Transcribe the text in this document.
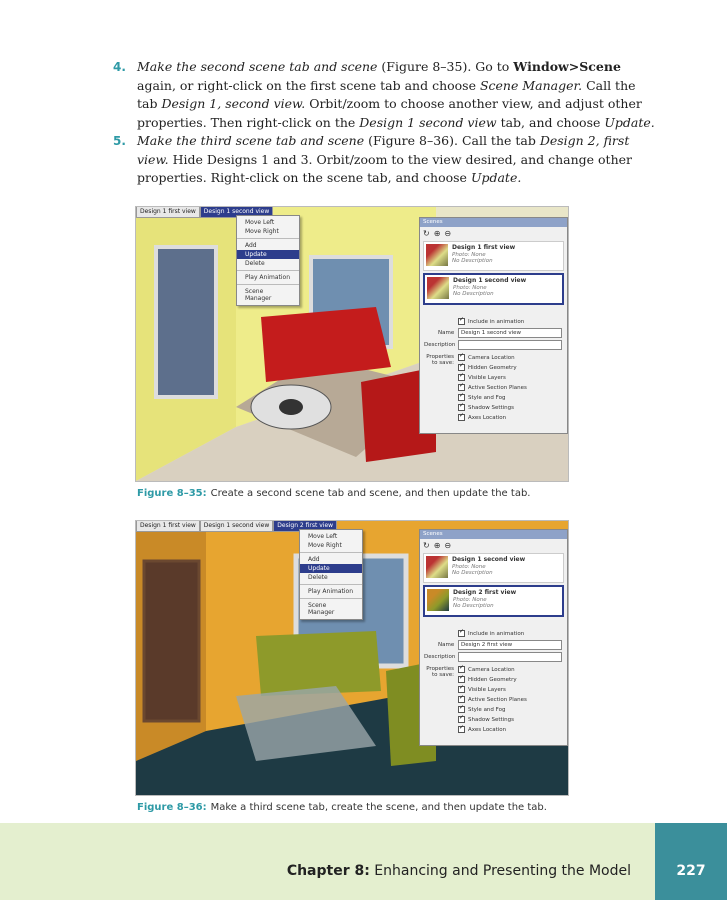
4. Make the second scene tab and scene (Figure 8–35). Go to Window>Scene again, or right-click on the first scene tab and choose Scene Manager. Call the tab Design 1, second view. Orbit/zoom to choose another view, and adjust other properties. Then right-click on the Design 1 second view tab, and choose Update.
5. Make the third scene tab and scene (Figure 8–36). Call the tab Design 2, first view. Hide Designs 1 and 3. Orbit/zoom to the view desired, and change other properties. Right-click on the scene tab, and choose Update.
Design 1 first view	Design 1 second view
Move Left
Move Right
Add
Update
Delete
Play Animation
Scene Manager
Scenes
↻ ⊕ ⊖
Design 1 first view
Photo: None
No Description
Design 1 second view
Photo: None
No Description
✓Include in animation
Name	Design 1 second view
Description
Properties to save:
✓Camera Location
✓Hidden Geometry
✓Visible Layers
✓Active Section Planes
✓Style and Fog
✓Shadow Settings
✓Axes Location
Figure 8–35: Create a second scene tab and scene, and then update the tab.
Design 1 first view	Design 1 second view	Design 2 first view
Move Left
Move Right
Add
Update
Delete
Play Animation
Scene Manager
Scenes
↻ ⊕ ⊖
Design 1 second view
Photo: None
No Description
Design 2 first view
Photo: None
No Description
✓Include in animation
Name	Design 2 first view
Description
Properties to save:
✓Camera Location
✓Hidden Geometry
✓Visible Layers
✓Active Section Planes
✓Style and Fog
✓Shadow Settings
✓Axes Location
Figure 8–36: Make a third scene tab, create the scene, and then update the tab.
Chapter 8: Enhancing and Presenting the Model	227
